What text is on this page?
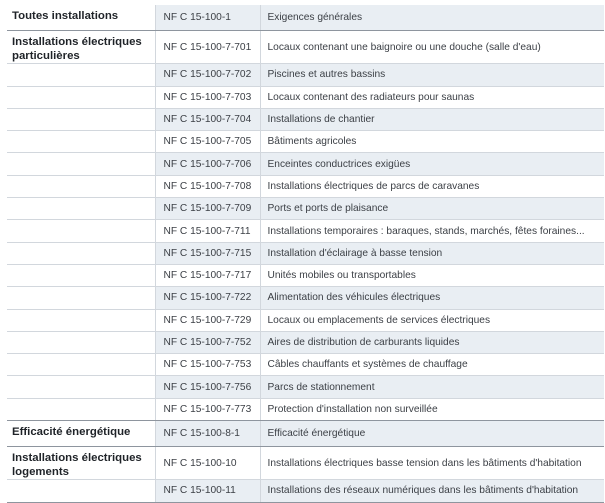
Toutes installations	NF C 15-100-1	Exigences générales
Installations électriques particulières	NF C 15-100-7-701	Locaux contenant une baignoire ou une douche (salle d'eau)
	NF C 15-100-7-702	Piscines et autres bassins
	NF C 15-100-7-703	Locaux contenant des radiateurs pour saunas
	NF C 15-100-7-704	Installations de chantier
	NF C 15-100-7-705	Bâtiments agricoles
	NF C 15-100-7-706	Enceintes conductrices exigües
	NF C 15-100-7-708	Installations électriques de parcs de caravanes
	NF C 15-100-7-709	Ports et ports de plaisance
	NF C 15-100-7-711	Installations temporaires : baraques, stands, marchés, fêtes foraines...
	NF C 15-100-7-715	Installation d'éclairage à basse tension
	NF C 15-100-7-717	Unités mobiles ou transportables
	NF C 15-100-7-722	Alimentation des véhicules électriques
	NF C 15-100-7-729	Locaux ou emplacements de services électriques
	NF C 15-100-7-752	Aires de distribution de carburants liquides
	NF C 15-100-7-753	Câbles chauffants et systèmes de chauffage
	NF C 15-100-7-756	Parcs de stationnement
	NF C 15-100-7-773	Protection d'installation non surveillée
Efficacité énergétique	NF C 15-100-8-1	Efficacité énergétique
Installations électriques logements	NF C 15-100-10	Installations électriques basse tension dans les bâtiments d'habitation
	NF C 15-100-11	Installations des réseaux numériques dans les bâtiments d'habitation
